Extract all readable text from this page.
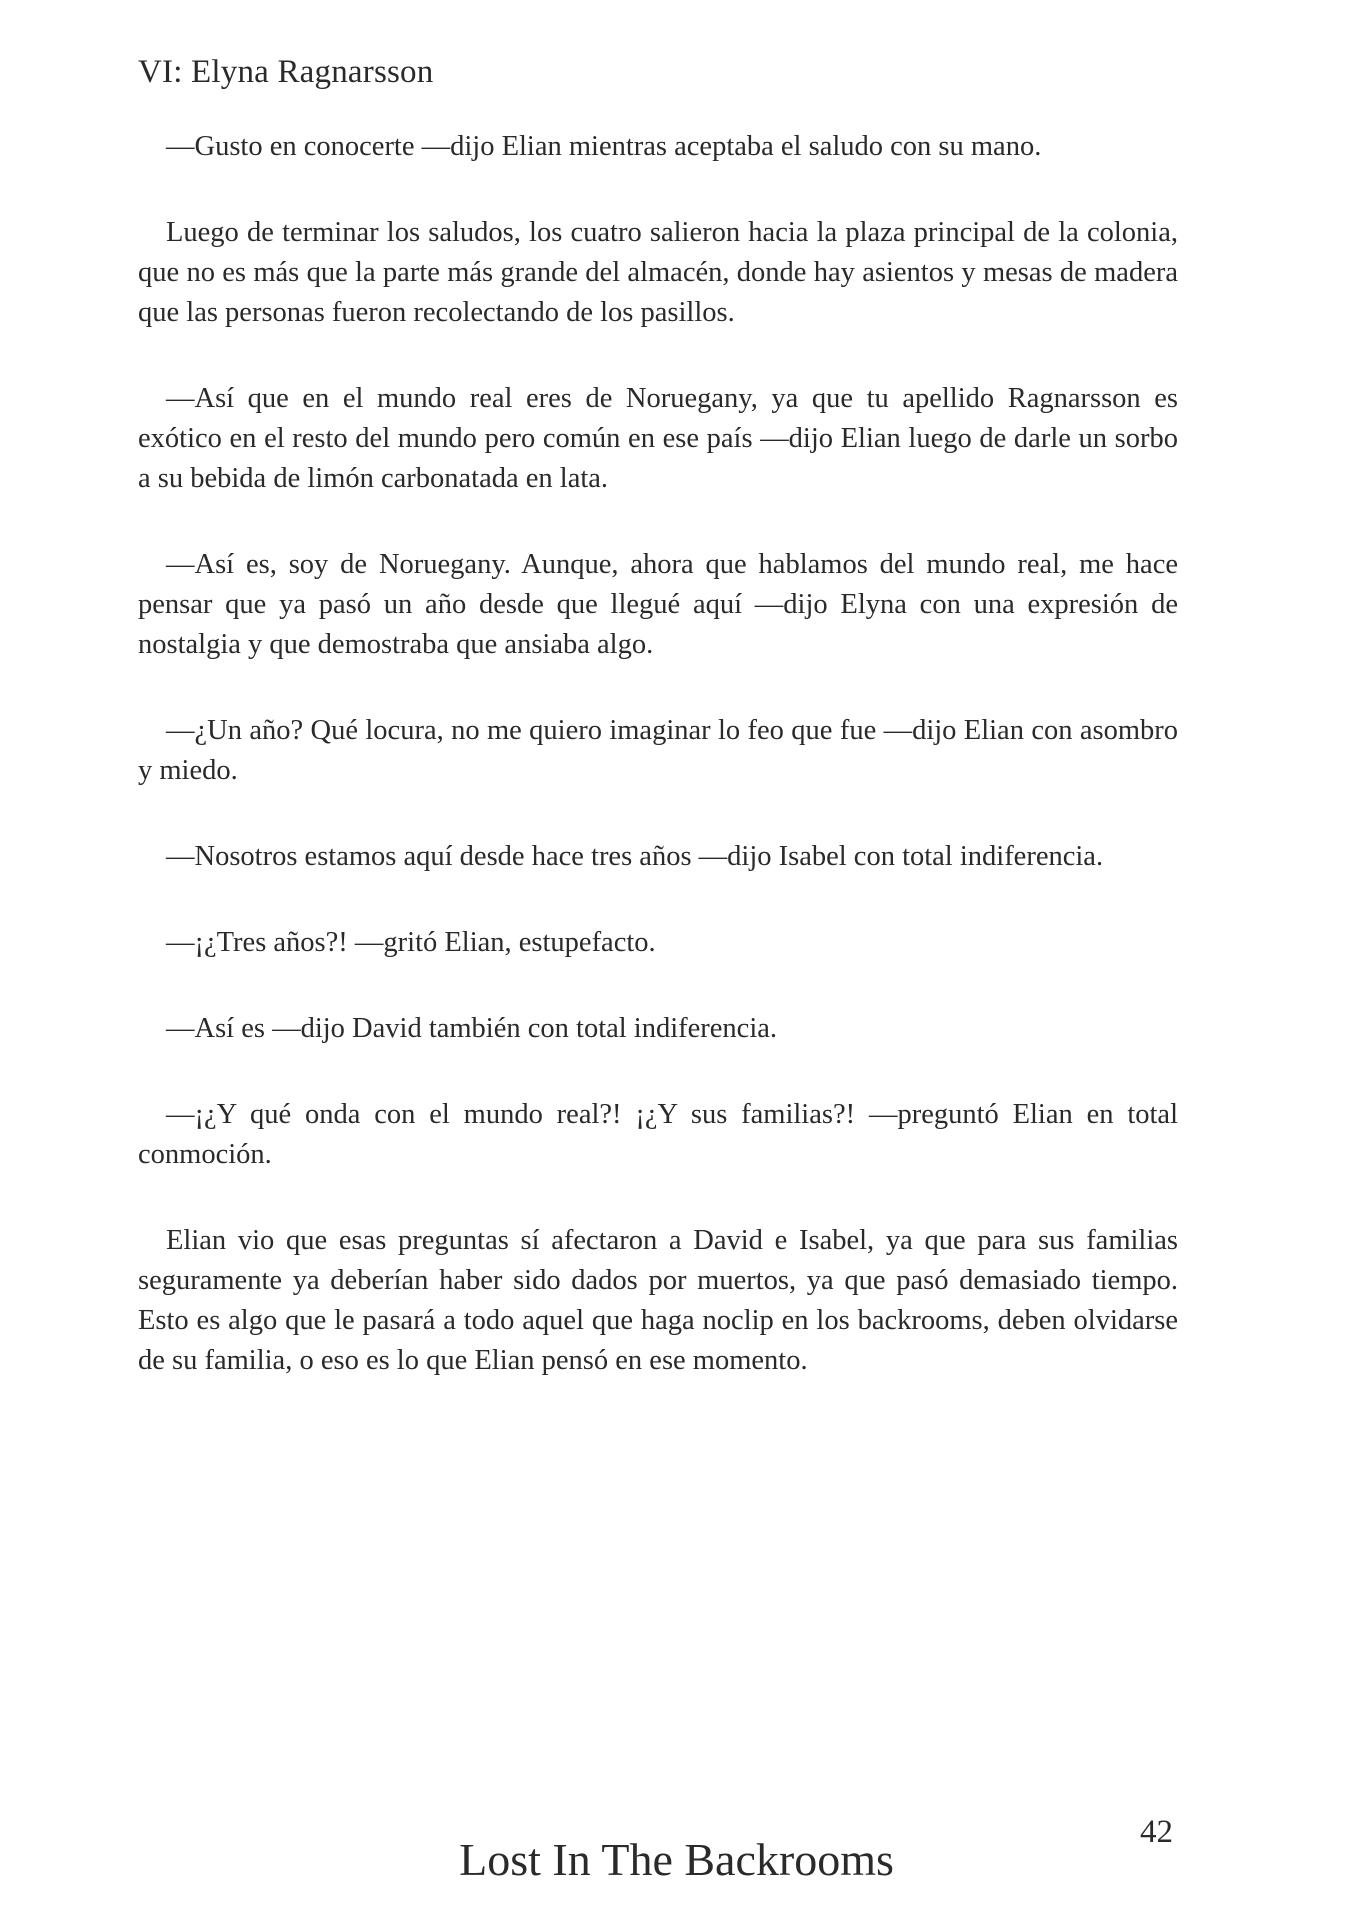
VI: Elyna Ragnarsson

—Gusto en conocerte —dijo Elian mientras aceptaba el saludo con su mano.

Luego de terminar los saludos, los cuatro salieron hacia la plaza principal de la colonia, que no es más que la parte más grande del almacén, donde hay asientos y mesas de madera que las personas fueron recolectando de los pasillos.

—Así que en el mundo real eres de Noruegany, ya que tu apellido Ragnarsson es exótico en el resto del mundo pero común en ese país —dijo Elian luego de darle un sorbo a su bebida de limón carbonatada en lata.

—Así es, soy de Noruegany. Aunque, ahora que hablamos del mundo real, me hace pensar que ya pasó un año desde que llegué aquí —dijo Elyna con una expresión de nostalgia y que demostraba que ansiaba algo.

—¿Un año? Qué locura, no me quiero imaginar lo feo que fue —dijo Elian con asombro y miedo.

—Nosotros estamos aquí desde hace tres años —dijo Isabel con total indiferencia.

—¡¿Tres años?! —gritó Elian, estupefacto.

—Así es —dijo David también con total indiferencia.

—¡¿Y qué onda con el mundo real?! ¡¿Y sus familias?! —preguntó Elian en total conmoción.

Elian vio que esas preguntas sí afectaron a David e Isabel, ya que para sus familias seguramente ya deberían haber sido dados por muertos, ya que pasó demasiado tiempo. Esto es algo que le pasará a todo aquel que haga noclip en los backrooms, deben olvidarse de su familia, o eso es lo que Elian pensó en ese momento.

42
Lost In The Backrooms
